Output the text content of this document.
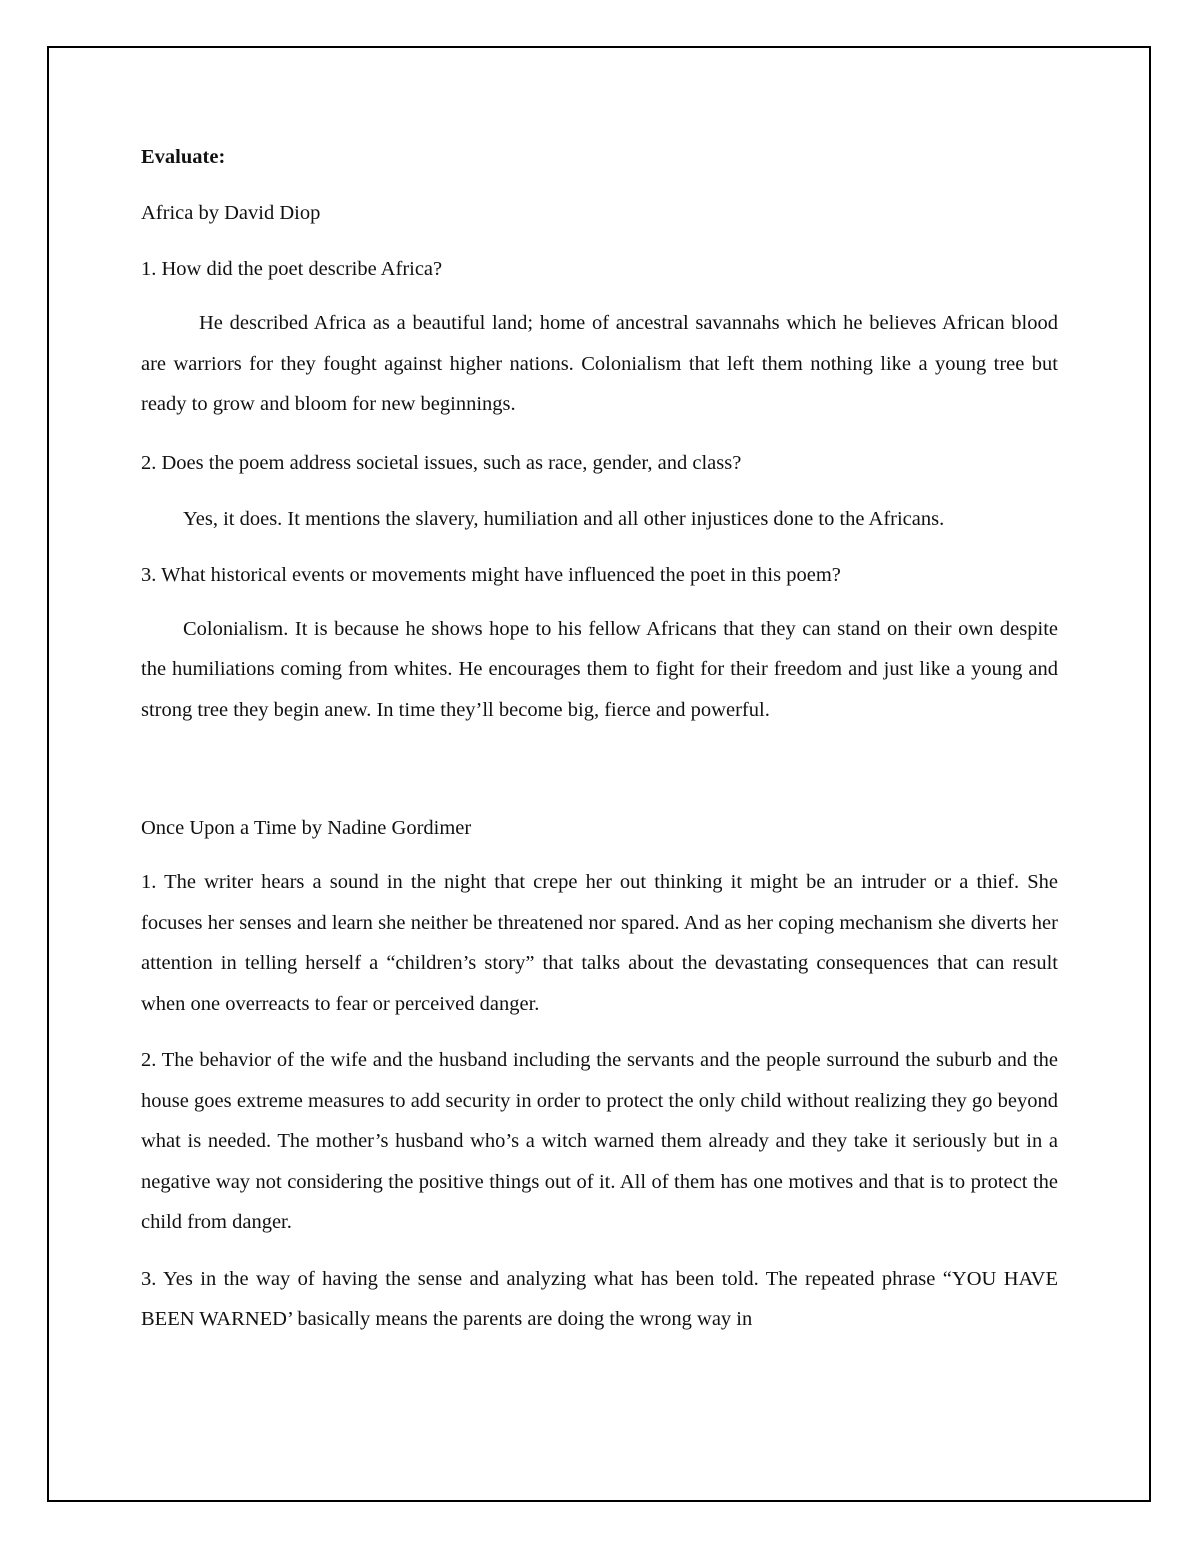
Evaluate:

Africa by David Diop

1. How did the poet describe Africa?

He described Africa as a beautiful land; home of ancestral savannahs which he believes African blood are warriors for they fought against higher nations. Colonialism that left them nothing like a young tree but ready to grow and bloom for new beginnings.

2. Does the poem address societal issues, such as race, gender, and class?

Yes, it does. It mentions the slavery, humiliation and all other injustices done to the Africans.

3. What historical events or movements might have influenced the poet in this poem?

Colonialism. It is because he shows hope to his fellow Africans that they can stand on their own despite the humiliations coming from whites. He encourages them to fight for their freedom and just like a young and strong tree they begin anew. In time they’ll become big, fierce and powerful.

Once Upon a Time by Nadine Gordimer

1. The writer hears a sound in the night that crepe her out thinking it might be an intruder or a thief. She focuses her senses and learn she neither be threatened nor spared. And as her coping mechanism she diverts her attention in telling herself a “children’s story” that talks about the devastating consequences that can result when one overreacts to fear or perceived danger.

2. The behavior of the wife and the husband including the servants and the people surround the suburb and the house goes extreme measures to add security in order to protect the only child without realizing they go beyond what is needed. The mother’s husband who’s a witch warned them already and they take it seriously but in a negative way not considering the positive things out of it. All of them has one motives and that is to protect the child from danger.

3. Yes in the way of having the sense and analyzing what has been told. The repeated phrase “YOU HAVE BEEN WARNED’ basically means the parents are doing the wrong way in
